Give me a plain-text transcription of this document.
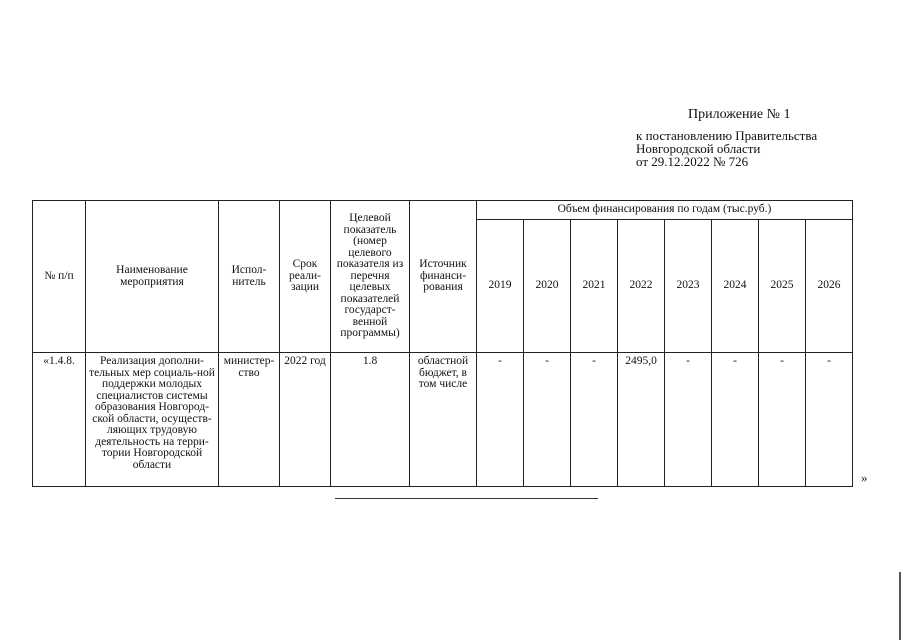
Приложение № 1
к постановлению Правительства
Новгородской области
от 29.12.2022 № 726
№ п/п	Наименование мероприятия	Испол-нитель	Срок реали-зации	Целевой показатель (номер целевого показателя из перечня целевых показателей государст-венной программы)	Источник финанси-рования	Объем финансирования по годам (тыс.руб.)							
						2019	2020	2021	2022	2023	2024	2025	2026
«1.4.8.	Реализация дополни-тельных мер социаль-ной поддержки молодых специалистов системы образования Новгород-ской области, осуществ-ляющих трудовую деятельность на терри-тории Новгородской области	министер-ство	2022 год	1.8	областной бюджет, в том числе	-	-	-	2495,0	-	-	-	-
»
